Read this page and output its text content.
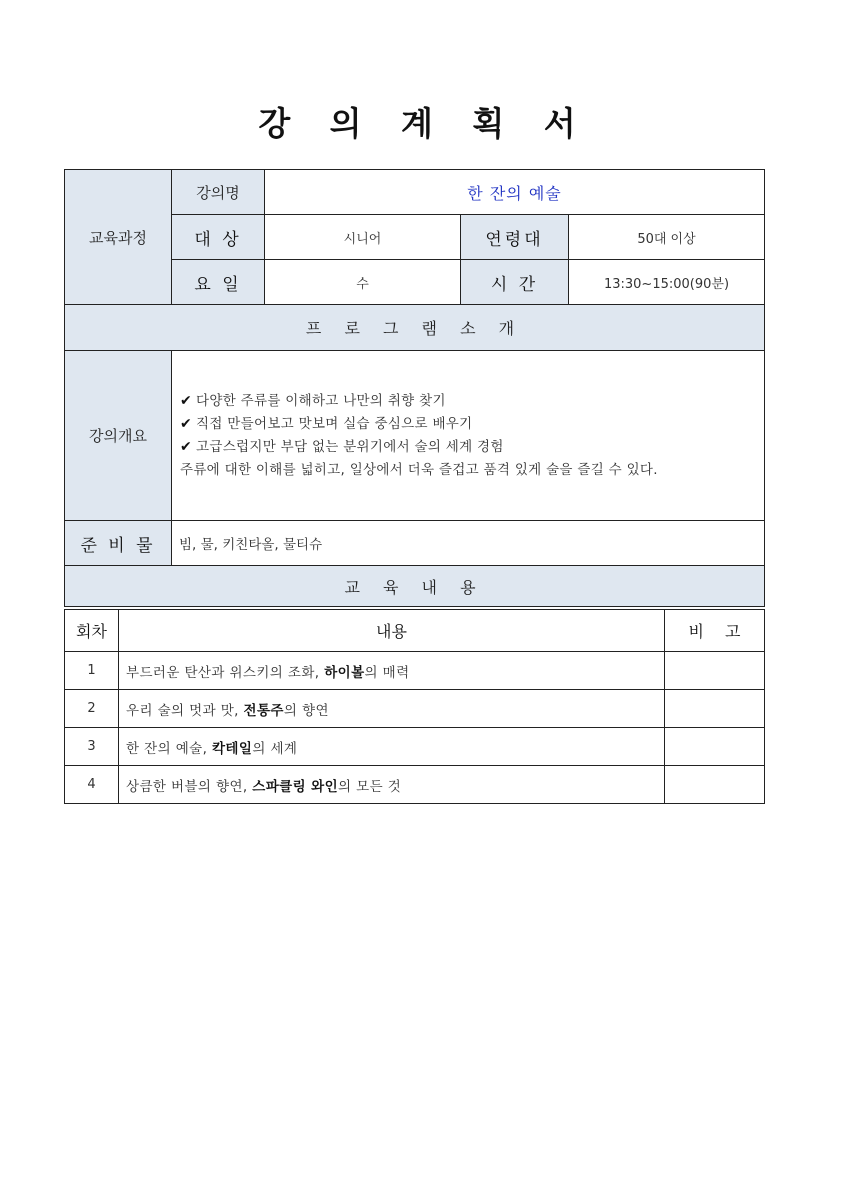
강 의 계 획 서
교육과정	강의명	한 잔의 예술		
	대 상	시니어	연령대	50대 이상
	요 일	수	시 간	13:30~15:00(90분)
프 로 그 램 소 개				
강의개요	✔ 다양한 주류를 이해하고 나만의 취향 찾기
✔ 직접 만들어보고 맛보며 실습 중심으로 배우기
✔ 고급스럽지만 부담 없는 분위기에서 술의 세계 경험
주류에 대한 이해를 넓히고, 일상에서 더욱 즐겁고 품격 있게 술을 즐길 수 있다.			

준 비 물	빔, 물, 키친타올, 물티슈			
교 육 내 용				
회차	내용	비 고
1	부드러운 탄산과 위스키의 조화, 하이볼의 매력	
2	우리 술의 멋과 맛, 전통주의 향연	
3	한 잔의 예술, 칵테일의 세계	
4	상큼한 버블의 향연, 스파클링 와인의 모든 것	
